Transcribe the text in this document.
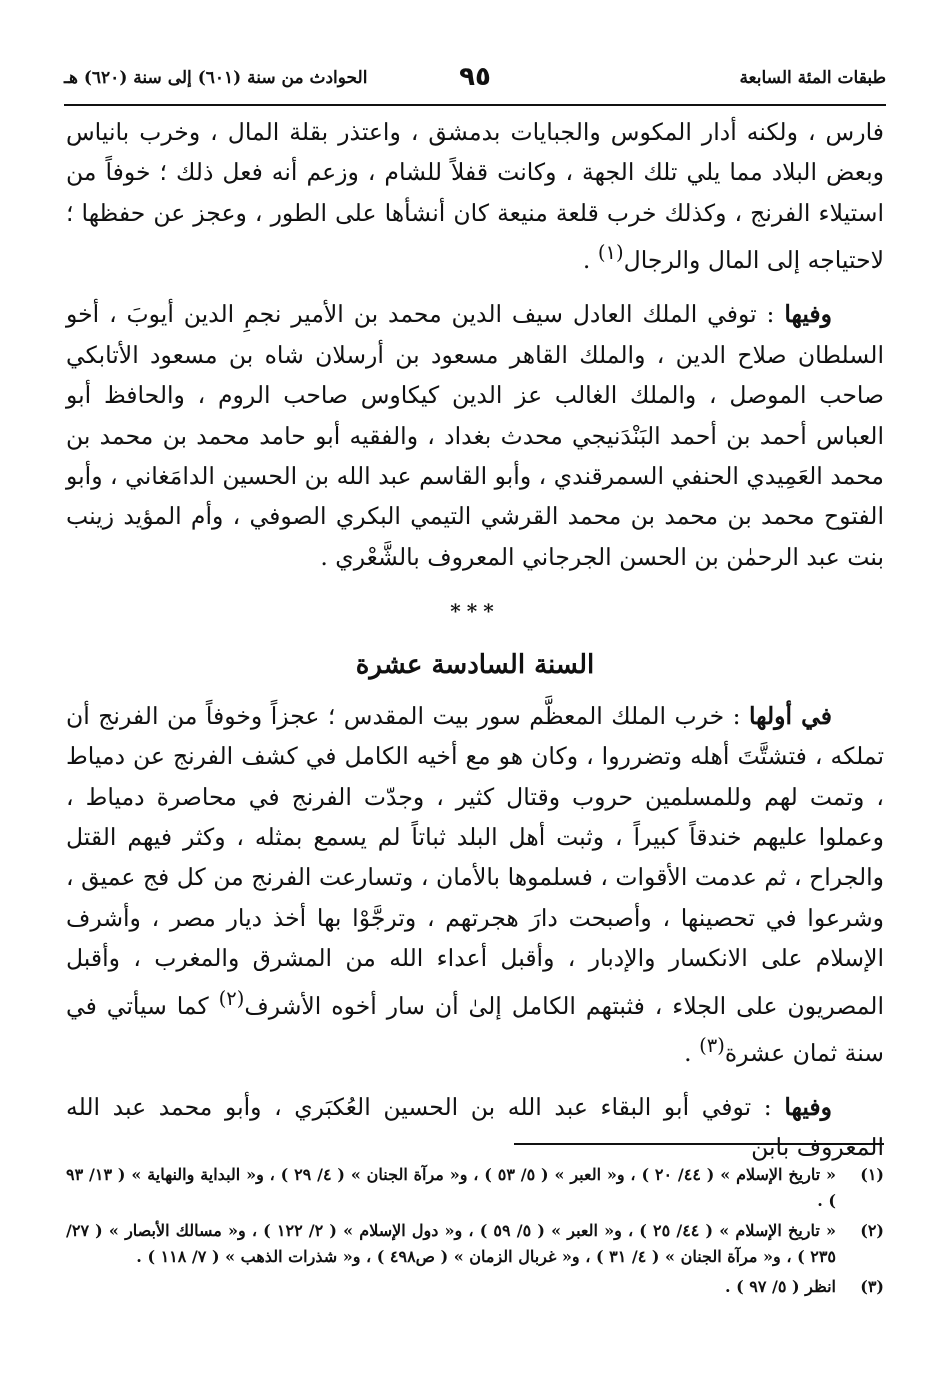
طبقات المئة السابعة
٩٥
الحوادث من سنة (٦٠١) إلى سنة (٦٢٠) هـ

فارس ، ولكنه أدار المكوس والجبايات بدمشق ، واعتذر بقلة المال ، وخرب بانياس وبعض البلاد مما يلي تلك الجهة ، وكانت قفلاً للشام ، وزعم أنه فعل ذلك ؛ خوفاً من استيلاء الفرنج ، وكذلك خرب قلعة منيعة كان أنشأها على الطور ، وعجز عن حفظها ؛ لاحتياجه إلى المال والرجال$^{(١)}$ .

وفيها : توفي الملك العادل سيف الدين محمد بن الأمير نجمِ الدين أيوبَ ، أخو السلطان صلاح الدين ، والملك القاهر مسعود بن أرسلان شاه بن مسعود الأتابكي صاحب الموصل ، والملك الغالب عز الدين كيكاوس صاحب الروم ، والحافظ أبو العباس أحمد بن أحمد البَنْدَنيجي محدث بغداد ، والفقيه أبو حامد محمد بن محمد بن محمد العَمِيدي الحنفي السمرقندي ، وأبو القاسم عبد الله بن الحسين الدامَغاني ، وأبو الفتوح محمد بن محمد بن محمد القرشي التيمي البكري الصوفي ، وأم المؤيد زينب بنت عبد الرحمٰن بن الحسن الجرجاني المعروف بالشَّعْري .

***
السنة السادسة عشرة

في أولها : خرب الملك المعظَّم سور بيت المقدس ؛ عجزاً وخوفاً من الفرنج أن تملكه ، فتشتَّتَ أهله وتضرروا ، وكان هو مع أخيه الكامل في كشف الفرنج عن دمياط ، وتمت لهم وللمسلمين حروب وقتال كثير ، وجدّت الفرنج في محاصرة دمياط ، وعملوا عليهم خندقاً كبيراً ، وثبت أهل البلد ثباتاً لم يسمع بمثله ، وكثر فيهم القتل والجراح ، ثم عدمت الأقوات ، فسلموها بالأمان ، وتسارعت الفرنج من كل فج عميق ، وشرعوا في تحصينها ، وأصبحت دارَ هجرتهم ، وترجَّوْا بها أخذ ديار مصر ، وأشرف الإسلام على الانكسار والإدبار ، وأقبل أعداء الله من المشرق والمغرب ، وأقبل المصريون على الجلاء ، فثبتهم الكامل إلىٰ أن سار أخوه الأشرف$^{(٢)}$ كما سيأتي في سنة ثمان عشرة$^{(٣)}$ .

وفيها : توفي أبو البقاء عبد الله بن الحسين العُكبَري ، وأبو محمد عبد الله المعروف بابن

(١)
« تاريخ الإسلام » ( ٤٤/ ٢٠ ) ، و« العبر » ( ٥/ ٥٣ ) ، و« مرآة الجنان » ( ٤/ ٢٩ ) ، و« البداية والنهاية » ( ١٣/ ٩٣ ) .
(٢)
« تاريخ الإسلام » ( ٤٤/ ٢٥ ) ، و« العبر » ( ٥/ ٥٩ ) ، و« دول الإسلام » ( ٢/ ١٢٢ ) ، و« مسالك الأبصار » ( ٢٧/ ٢٣٥ ) ، و« مرآة الجنان » ( ٤/ ٣١ ) ، و« غربال الزمان » ( ص٤٩٨ ) ، و« شذرات الذهب » ( ٧/ ١١٨ ) .
(٣)
انظر ( ٥/ ٩٧ ) .
